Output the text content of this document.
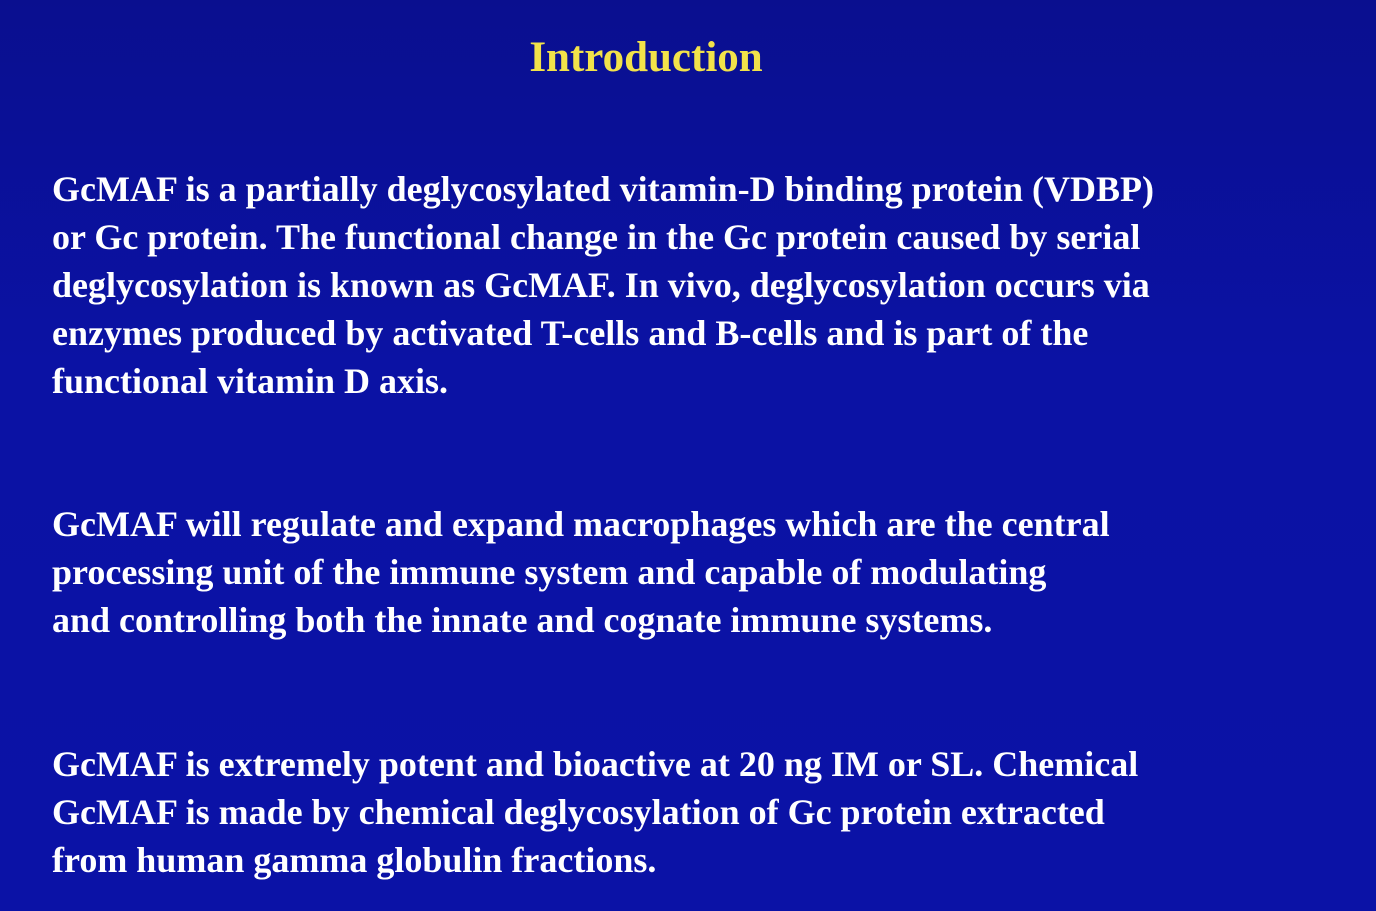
Introduction

GcMAF is a partially deglycosylated vitamin-D binding protein (VDBP)
or Gc protein. The functional change in the Gc protein caused by serial
deglycosylation is known as GcMAF. In vivo, deglycosylation occurs via
enzymes produced by activated T-cells and B-cells and is part of the
functional vitamin D axis.

GcMAF will regulate and expand macrophages which are the central
processing unit of the immune system and capable of modulating
and controlling both the innate and cognate immune systems.

GcMAF is extremely potent and bioactive at 20 ng IM or SL. Chemical
GcMAF is made by chemical deglycosylation of Gc protein extracted
from human gamma globulin fractions.
